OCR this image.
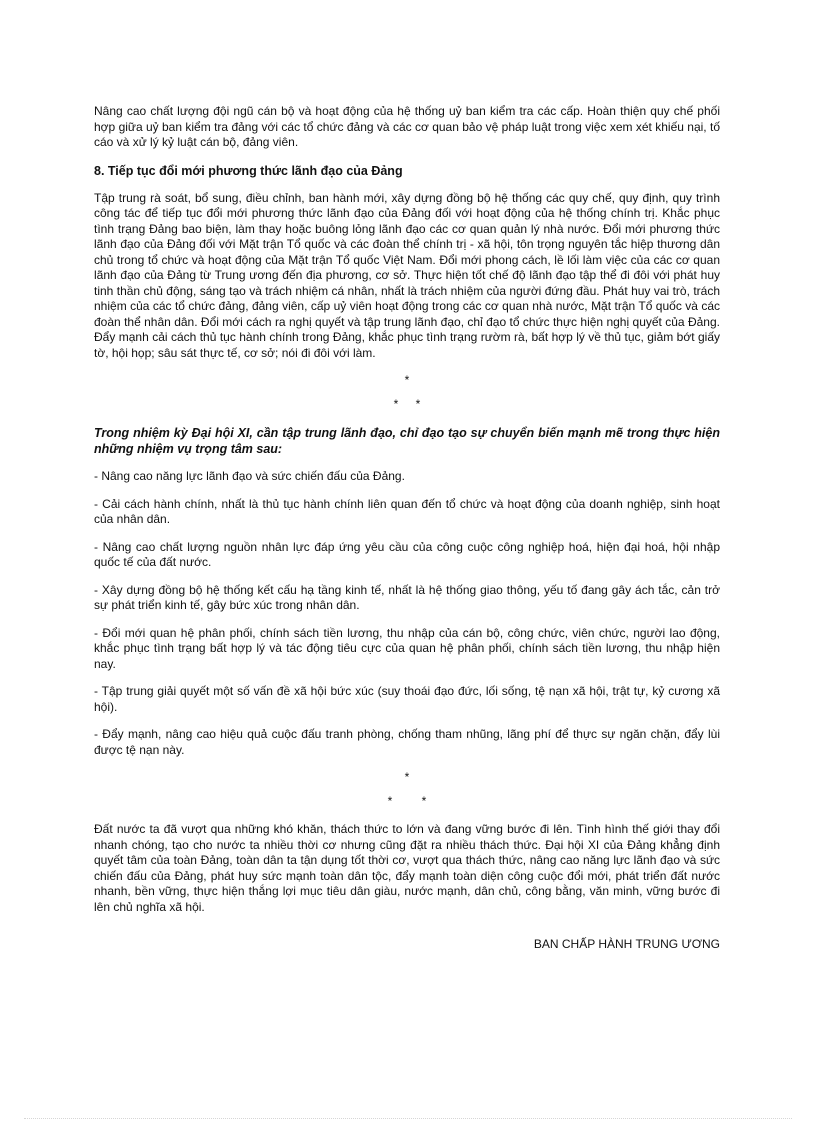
Nâng cao chất lượng đội ngũ cán bộ và hoạt động của hệ thống uỷ ban kiểm tra các cấp. Hoàn thiện quy chế phối hợp giữa uỷ ban kiểm tra đảng với các tổ chức đảng và các cơ quan bảo vệ pháp luật trong việc xem xét khiếu nại, tố cáo và xử lý kỷ luật cán bộ, đảng viên.

8. Tiếp tục đổi mới phương thức lãnh đạo của Đảng

Tập trung rà soát, bổ sung, điều chỉnh, ban hành mới, xây dựng đồng bộ hệ thống các quy chế, quy định, quy trình công tác để tiếp tục đổi mới phương thức lãnh đạo của Đảng đối với hoạt động của hệ thống chính trị. Khắc phục tình trạng Đảng bao biện, làm thay hoặc buông lỏng lãnh đạo các cơ quan quản lý nhà nước. Đổi mới phương thức lãnh đạo của Đảng đối với Mặt trận Tổ quốc và các đoàn thể chính trị - xã hội, tôn trọng nguyên tắc hiệp thương dân chủ trong tổ chức và hoạt động của Mặt trận Tổ quốc Việt Nam. Đổi mới phong cách, lề lối làm việc của các cơ quan lãnh đạo của Đảng từ Trung ương đến địa phương, cơ sở. Thực hiện tốt chế độ lãnh đạo tập thể đi đôi với phát huy tinh thần chủ động, sáng tạo và trách nhiệm cá nhân, nhất là trách nhiệm của người đứng đầu. Phát huy vai trò, trách nhiệm của các tổ chức đảng, đảng viên, cấp uỷ viên hoạt động trong các cơ quan nhà nước, Mặt trận Tổ quốc và các đoàn thể nhân dân. Đổi mới cách ra nghị quyết và tập trung lãnh đạo, chỉ đạo tổ chức thực hiện nghị quyết của Đảng. Đẩy mạnh cải cách thủ tục hành chính trong Đảng, khắc phục tình trạng rườm rà, bất hợp lý về thủ tục, giảm bớt giấy tờ, hội họp; sâu sát thực tế, cơ sở; nói đi đôi với làm.

*
* *

Trong nhiệm kỳ Đại hội XI, cần tập trung lãnh đạo, chỉ đạo tạo sự chuyển biến mạnh mẽ trong thực hiện những nhiệm vụ trọng tâm sau:

- Nâng cao năng lực lãnh đạo và sức chiến đấu của Đảng.

- Cải cách hành chính, nhất là thủ tục hành chính liên quan đến tổ chức và hoạt động của doanh nghiệp, sinh hoạt của nhân dân.

- Nâng cao chất lượng nguồn nhân lực đáp ứng yêu cầu của công cuộc công nghiệp hoá, hiện đại hoá, hội nhập quốc tế của đất nước.

- Xây dựng đồng bộ hệ thống kết cấu hạ tầng kinh tế, nhất là hệ thống giao thông, yếu tố đang gây ách tắc, cản trở sự phát triển kinh tế, gây bức xúc trong nhân dân.

- Đổi mới quan hệ phân phối, chính sách tiền lương, thu nhập của cán bộ, công chức, viên chức, người lao động, khắc phục tình trạng bất hợp lý và tác động tiêu cực của quan hệ phân phối, chính sách tiền lương, thu nhập hiện nay.

- Tập trung giải quyết một số vấn đề xã hội bức xúc (suy thoái đạo đức, lối sống, tệ nạn xã hội, trật tự, kỷ cương xã hội).

- Đẩy mạnh, nâng cao hiệu quả cuộc đấu tranh phòng, chống tham nhũng, lãng phí để thực sự ngăn chặn, đẩy lùi được tệ nạn này.

*
* *

Đất nước ta đã vượt qua những khó khăn, thách thức to lớn và đang vững bước đi lên. Tình hình thế giới thay đổi nhanh chóng, tạo cho nước ta nhiều thời cơ nhưng cũng đặt ra nhiều thách thức. Đại hội XI của Đảng khẳng định quyết tâm của toàn Đảng, toàn dân ta tận dụng tốt thời cơ, vượt qua thách thức, nâng cao năng lực lãnh đạo và sức chiến đấu của Đảng, phát huy sức mạnh toàn dân tộc, đẩy mạnh toàn diện công cuộc đổi mới, phát triển đất nước nhanh, bền vững, thực hiện thắng lợi mục tiêu dân giàu, nước mạnh, dân chủ, công bằng, văn minh, vững bước đi lên chủ nghĩa xã hội.

BAN CHẤP HÀNH TRUNG ƯƠNG
